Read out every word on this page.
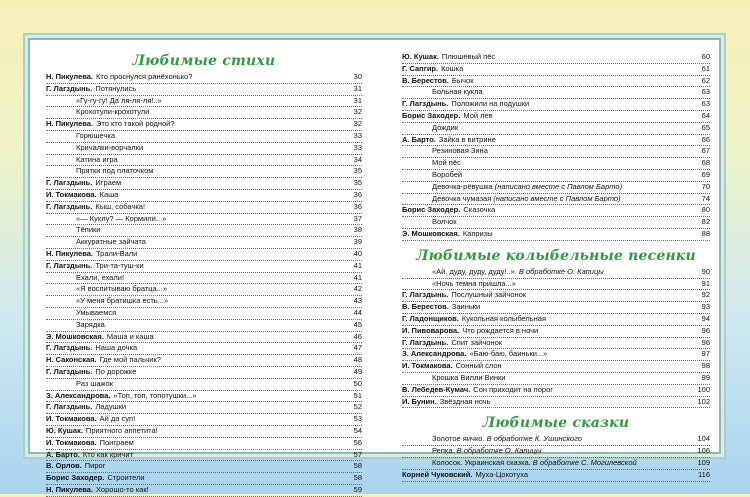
Любимые стихи
Н. Пикулева. Кто проснулся ранёхонько?	30
Г. Лагздынь. Потянулись	31
«Гу-гу-гу! Да ля-ля-ля!..»	31
Крохотули-крохотули	32
Н. Пикулева. Это кто такой родной?	32
Горюшечка	33
Кричалки-ворчалки	33
Катина игра	34
Прятки под платочком	35
Г. Лагздынь. Играем	35
И. Токмакова. Каша	36
Г. Лагздынь. Кыш, собачка!	36
«— Куклу? — Кормили...»	37
Тёпики	38
Аккуратные зайчата	39
Н. Пикулева. Трали-Вали	40
Г. Лагздынь. Три-та-туш-ки	41
Ехали, ехали!	41
«Я воспитываю братца...»	42
«У меня братишка есть...»	43
Умываемся	44
Зарядка	45
Э. Мошковская. Маша и каша	46
Г. Лагздынь. Наша дочка	47
Н. Саконская. Где мой пальчик?	48
Г. Лагздынь. По дорожке	49
Раз шажок	50
З. Александрова. «Топ, топ, топотушки...»	51
Г. Лагздынь. Ладушки	52
И. Токмакова. Ай да суп!	53
Ю. Кушак. Приятного аппетита!	54
И. Токмакова. Поиграем	56
А. Барто. Кто как кричит	57
В. Орлов. Пирог	58
Борис Заходер. Строители	58
Н. Пикулева. Хорошо-то как!	59
Ю. Кушак. Плюшевый пёс	60
Г. Сапгир. Кошка	61
В. Берестов. Бычок	62
Больная кукла	63
Г. Лагздынь. Положили на подушки	63
Борис Заходер. Мой лев	64
Дождик	65
А. Барто. Зайка в витрине	66
Резиновая Зина	67
Мой пёс	68
Воробей	69
Девочка-рёвушка (написано вместе с Павлом Барто)	70
Девочка чумазая (написано вместе с Павлом Барто)	74
Борис Заходер. Сказочка	80
Волчок	82
Э. Мошковская. Капризы	88
Любимые колыбельные песенки
«Ай, дуду, дуду, дуду!..». В обработке О. Капицы	90
«Ночь темна пришла...»	91
Г. Лагздынь. Послушный зайчонок	92
В. Берестов. Заиньки	93
Г. Ладонщиков. Кукольная колыбельная	94
И. Пивоварова. Что рождается в ночи	96
Г. Лагздынь. Спит зайчонок	96
З. Александрова. «Баю-баю, баиньки...»	97
И. Токмакова. Сонный слон	98
Крошка Вилли Винки	99
В. Лебедев-Кумач. Сон приходит на порог	100
И. Бунин. Звёздная ночь	102
Любимые сказки
Золотое яичко. В обработке К. Ушинского	104
Репка. В обработке О. Капицы	106
Колосок. Украинская сказка. В обработке С. Могилевской	109
Корней Чуковский. Муха-Цокотуха	116
